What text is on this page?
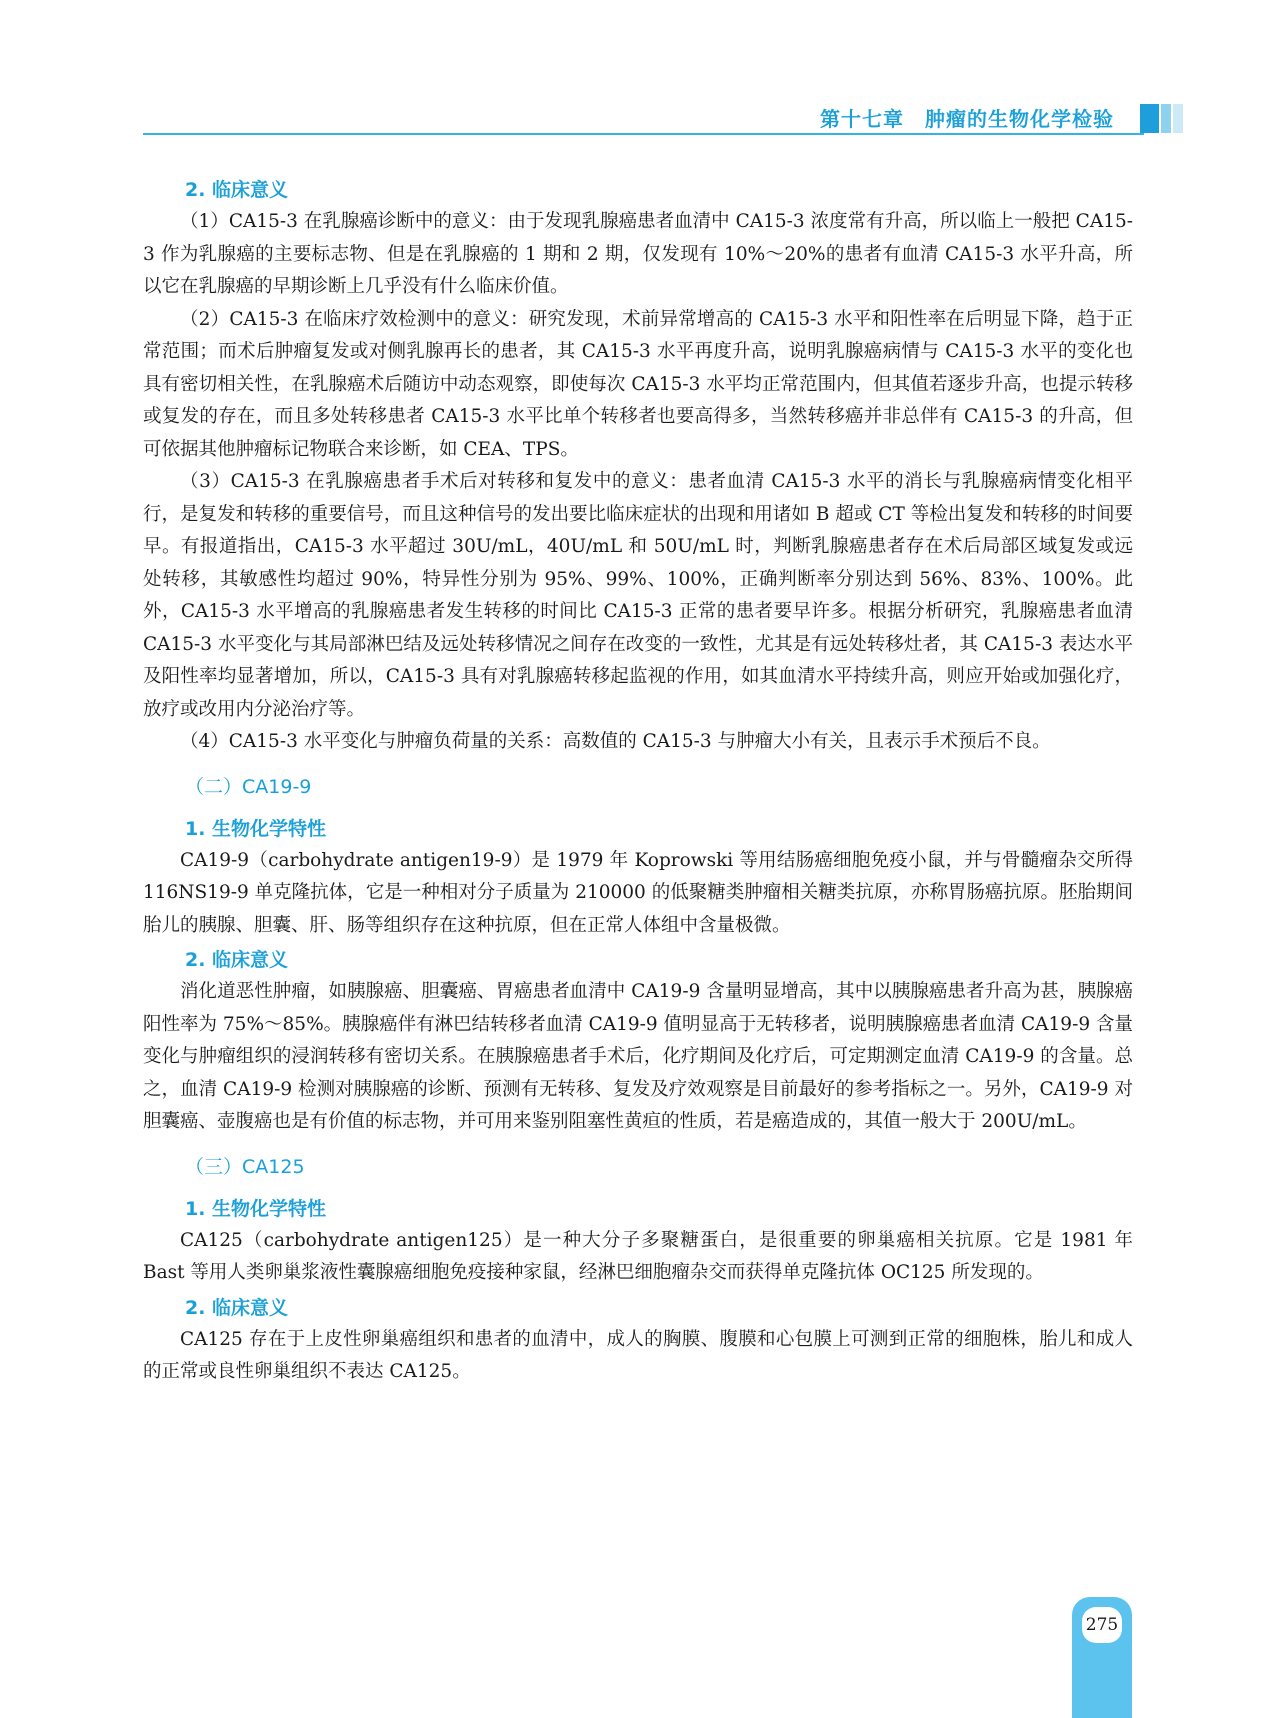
第十七章　肿瘤的生物化学检验
2. 临床意义

（1）CA15-3 在乳腺癌诊断中的意义：由于发现乳腺癌患者血清中 CA15-3 浓度常有升高，所以临上一般把 CA15-3 作为乳腺癌的主要标志物、但是在乳腺癌的 1 期和 2 期，仅发现有 10%～20%的患者有血清 CA15-3 水平升高，所以它在乳腺癌的早期诊断上几乎没有什么临床价值。

（2）CA15-3 在临床疗效检测中的意义：研究发现，术前异常增高的 CA15-3 水平和阳性率在后明显下降，趋于正常范围；而术后肿瘤复发或对侧乳腺再长的患者，其 CA15-3 水平再度升高，说明乳腺癌病情与 CA15-3 水平的变化也具有密切相关性，在乳腺癌术后随访中动态观察，即使每次 CA15-3 水平均正常范围内，但其值若逐步升高，也提示转移或复发的存在，而且多处转移患者 CA15-3 水平比单个转移者也要高得多，当然转移癌并非总伴有 CA15-3 的升高，但可依据其他肿瘤标记物联合来诊断，如 CEA、TPS。

（3）CA15-3 在乳腺癌患者手术后对转移和复发中的意义：患者血清 CA15-3 水平的消长与乳腺癌病情变化相平行，是复发和转移的重要信号，而且这种信号的发出要比临床症状的出现和用诸如 B 超或 CT 等检出复发和转移的时间要早。有报道指出，CA15-3 水平超过 30U/mL，40U/mL 和 50U/mL 时，判断乳腺癌患者存在术后局部区域复发或远处转移，其敏感性均超过 90%，特异性分别为 95%、99%、100%，正确判断率分别达到 56%、83%、100%。此外，CA15-3 水平增高的乳腺癌患者发生转移的时间比 CA15-3 正常的患者要早许多。根据分析研究，乳腺癌患者血清 CA15-3 水平变化与其局部淋巴结及远处转移情况之间存在改变的一致性，尤其是有远处转移灶者，其 CA15-3 表达水平及阳性率均显著增加，所以，CA15-3 具有对乳腺癌转移起监视的作用，如其血清水平持续升高，则应开始或加强化疗，放疗或改用内分泌治疗等。

（4）CA15-3 水平变化与肿瘤负荷量的关系：高数值的 CA15-3 与肿瘤大小有关，且表示手术预后不良。

（二）CA19-9
1. 生物化学特性

CA19-9（carbohydrate antigen19-9）是 1979 年 Koprowski 等用结肠癌细胞免疫小鼠，并与骨髓瘤杂交所得 116NS19-9 单克隆抗体，它是一种相对分子质量为 210000 的低聚糖类肿瘤相关糖类抗原，亦称胃肠癌抗原。胚胎期间胎儿的胰腺、胆囊、肝、肠等组织存在这种抗原，但在正常人体组中含量极微。

2. 临床意义

消化道恶性肿瘤，如胰腺癌、胆囊癌、胃癌患者血清中 CA19-9 含量明显增高，其中以胰腺癌患者升高为甚，胰腺癌阳性率为 75%～85%。胰腺癌伴有淋巴结转移者血清 CA19-9 值明显高于无转移者，说明胰腺癌患者血清 CA19-9 含量变化与肿瘤组织的浸润转移有密切关系。在胰腺癌患者手术后，化疗期间及化疗后，可定期测定血清 CA19-9 的含量。总之，血清 CA19-9 检测对胰腺癌的诊断、预测有无转移、复发及疗效观察是目前最好的参考指标之一。另外，CA19-9 对胆囊癌、壶腹癌也是有价值的标志物，并可用来鉴别阻塞性黄疸的性质，若是癌造成的，其值一般大于 200U/mL。

（三）CA125
1. 生物化学特性

CA125（carbohydrate antigen125）是一种大分子多聚糖蛋白，是很重要的卵巢癌相关抗原。它是 1981 年 Bast 等用人类卵巢浆液性囊腺癌细胞免疫接种家鼠，经淋巴细胞瘤杂交而获得单克隆抗体 OC125 所发现的。

2. 临床意义

CA125 存在于上皮性卵巢癌组织和患者的血清中，成人的胸膜、腹膜和心包膜上可测到正常的细胞株，胎儿和成人的正常或良性卵巢组织不表达 CA125。

275
